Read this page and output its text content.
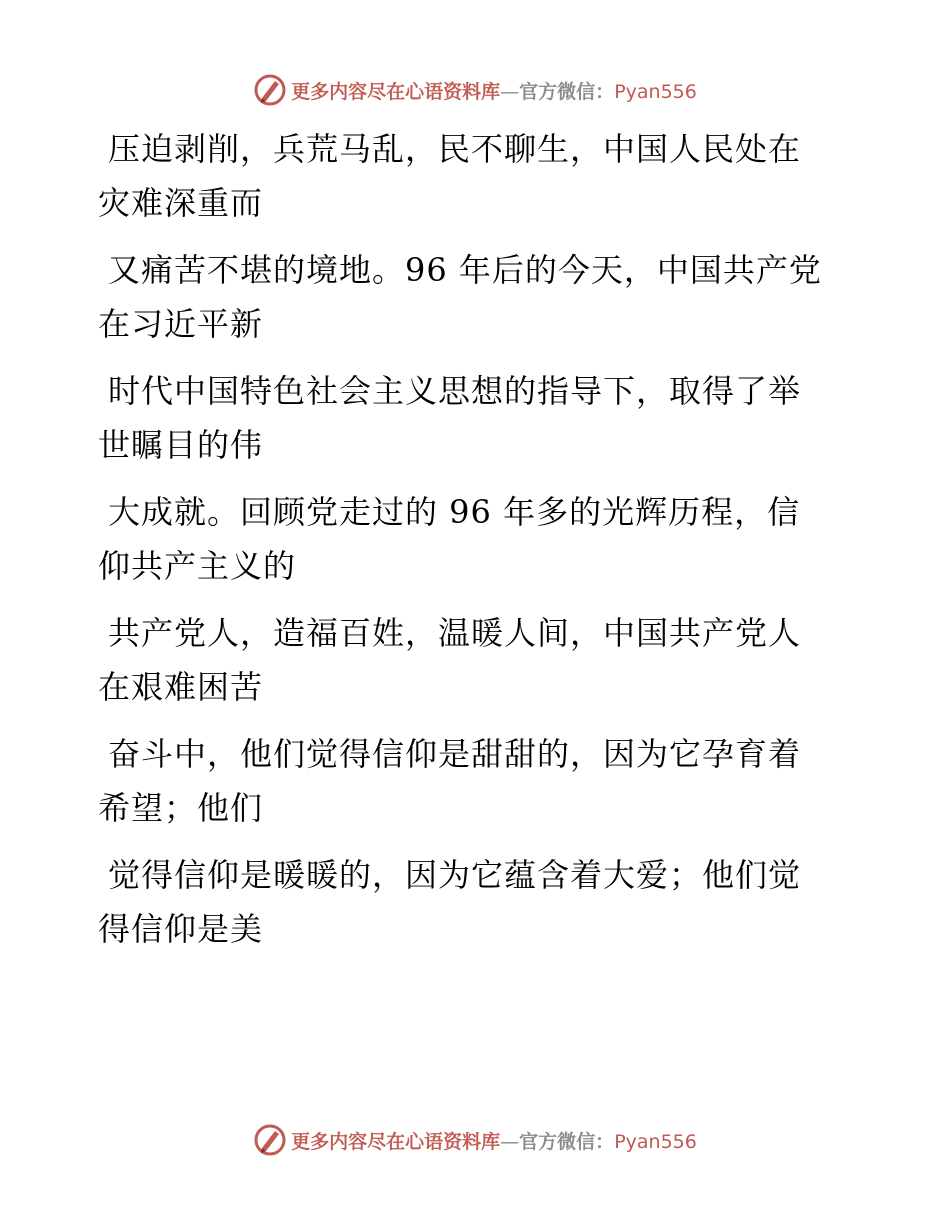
更多内容尽在心语资料库—官方微信：Pyan556

压迫剥削，兵荒马乱，民不聊生，中国人民处在
灾难深重而

又痛苦不堪的境地。96 年后的今天，中国共产党
在习近平新

时代中国特色社会主义思想的指导下，取得了举
世瞩目的伟

大成就。回顾党走过的 96 年多的光辉历程，信
仰共产主义的

共产党人，造福百姓，温暖人间，中国共产党人
在艰难困苦

奋斗中，他们觉得信仰是甜甜的，因为它孕育着
希望；他们

觉得信仰是暖暖的，因为它蕴含着大爱；他们觉
得信仰是美

更多内容尽在心语资料库—官方微信：Pyan556
